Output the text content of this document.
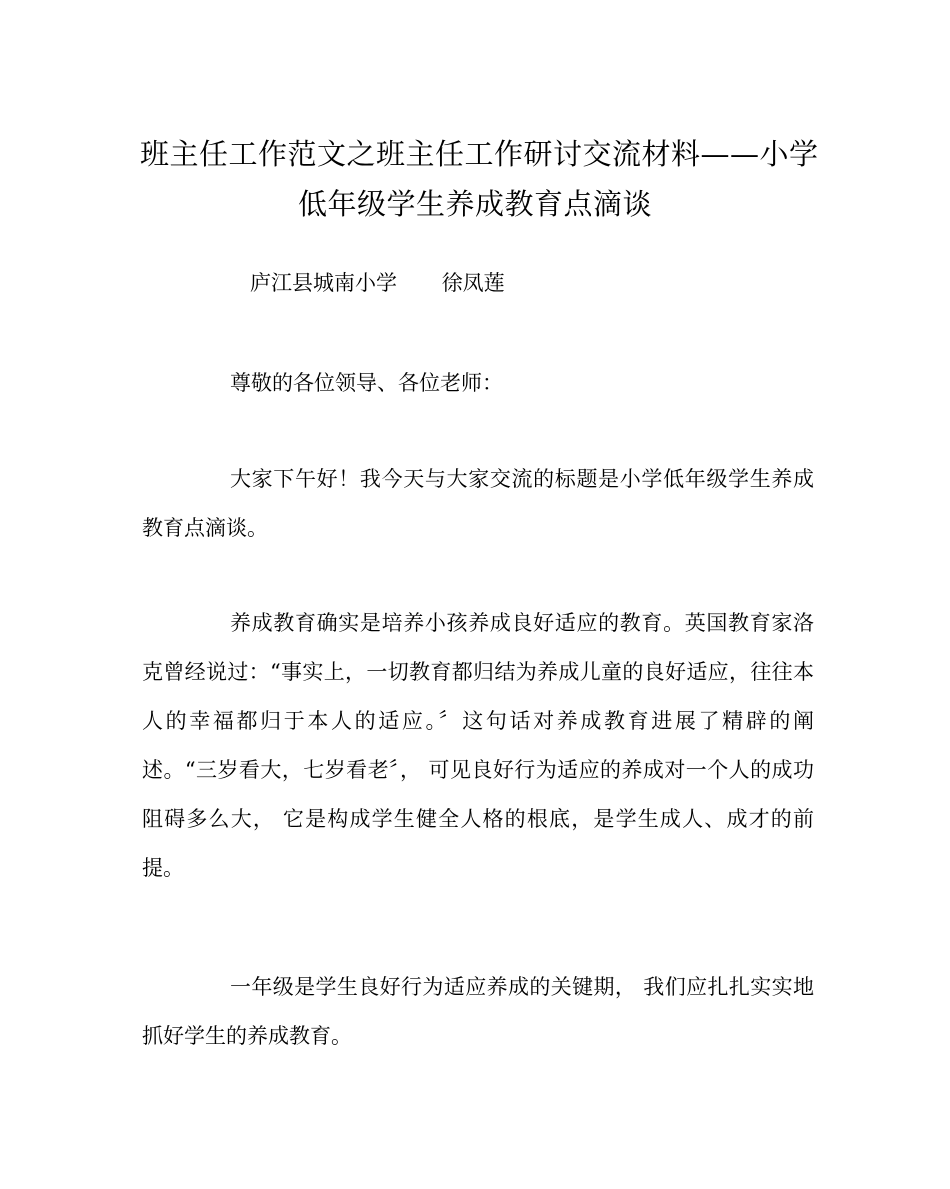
班主任工作范文之班主任工作研讨交流材料——小学
低年级学生养成教育点滴谈
庐江县城南小学 徐凤莲
尊敬的各位领导、各位老师：
大家下午好！我今天与大家交流的标题是小学低年级学生养成教育点滴谈。
养成教育确实是培养小孩养成良好适应的教育。英国教育家洛克曾经说过：“事实上，一切教育都归结为养成儿童的良好适应，往往本人的幸福都归于本人的适应。〞这句话对养成教育进展了精辟的阐述。“三岁看大，七岁看老〞， 可见良好行为适应的养成对一个人的成功阻碍多么大， 它是构成学生健全人格的根底，是学生成人、成才的前提。
一年级是学生良好行为适应养成的关键期， 我们应扎扎实实地抓好学生的养成教育。
